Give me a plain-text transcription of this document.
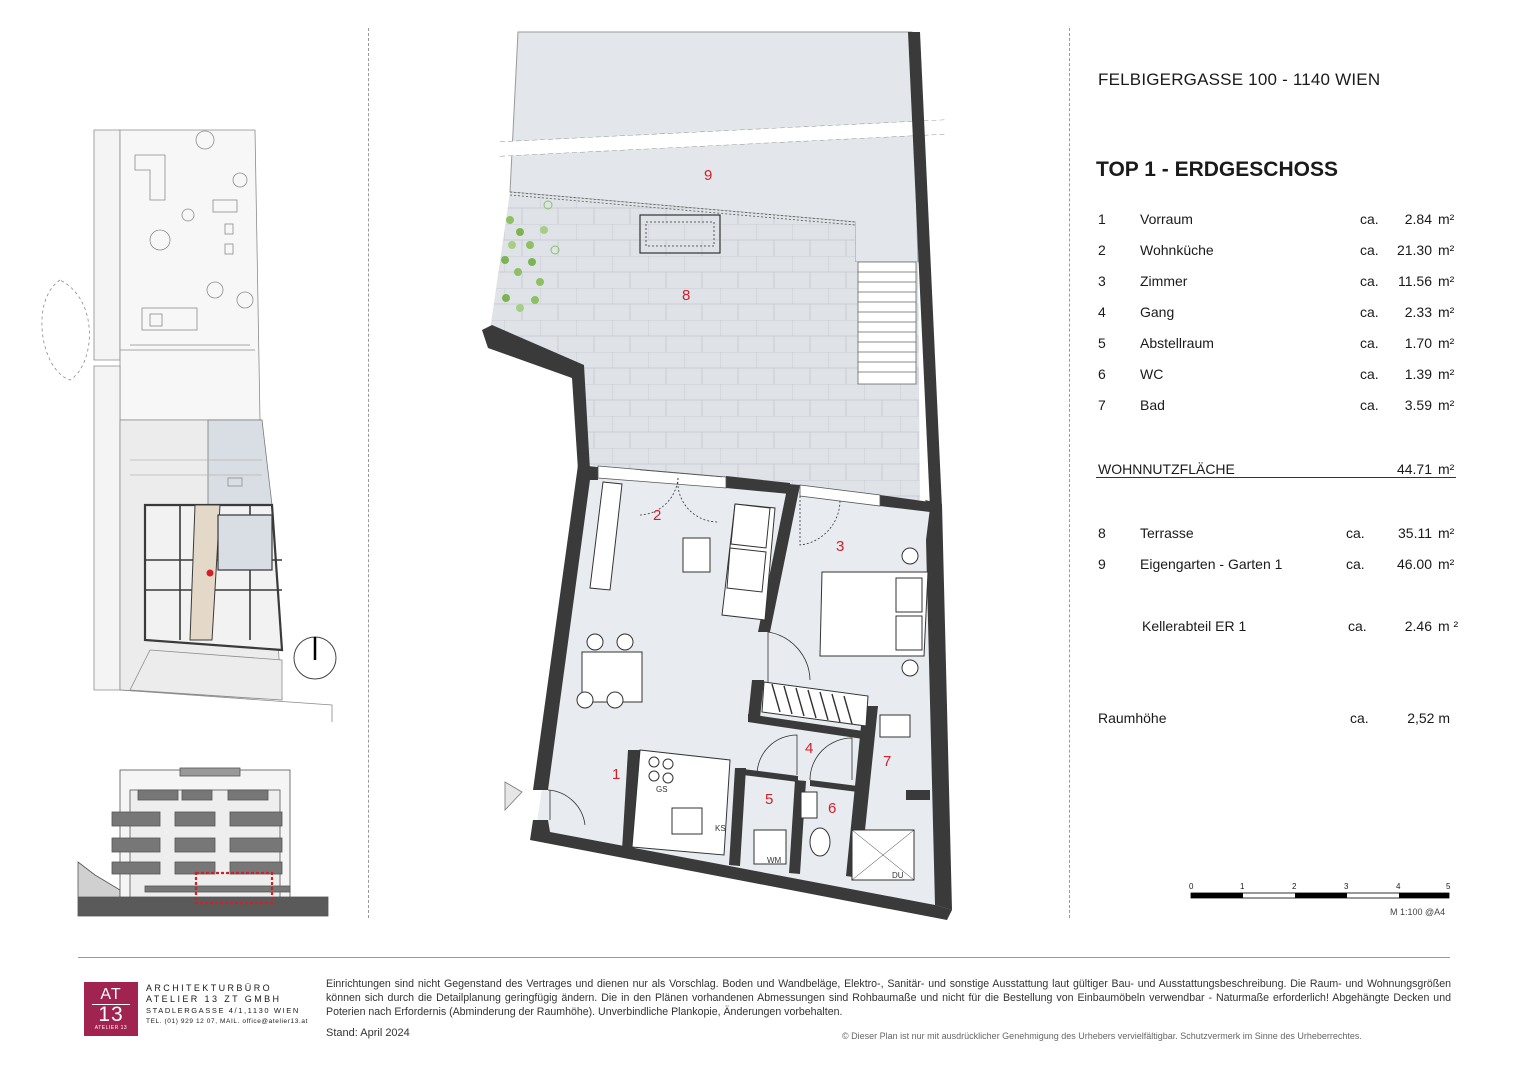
1
2
3
4
5
6
7
8
9
GS
KS
WM
DU
FELBIGERGASSE 100 - 1140 WIEN
TOP 1 - ERDGESCHOSS
1 Vorraum	ca.	2.84 m²
2 Wohnküche	ca.	21.30 m²
3 Zimmer	ca.	11.56 m²
4 Gang	ca.	2.33 m²
5 Abstellraum	ca.	1.70 m²
6 WC	ca.	1.39 m²
7 Bad	ca.	3.59 m²
WOHNNUTZFLÄCHE	44.71 m²
8 Terrasse	ca.	35.11 m²
9 Eigengarten - Garten 1	ca.	46.00 m²
Kellerabteil ER 1	ca.	2.46 m ²
Raumhöhe	ca.	2,52 m
0	1	2	3	4	5
M 1:100 @A4
AT
13
ATELIER 13
ARCHITEKTURBÜRO
ATELIER 13 ZT GMBH
STADLERGASSE 4/1,1130 WIEN
TEL. (01) 929 12 07, MAIL. office@atelier13.at
Einrichtungen sind nicht Gegenstand des Vertrages und dienen nur als Vorschlag. Boden und Wandbeläge, Elektro-, Sanitär- und sonstige Ausstattung laut gültiger Bau- und Ausstattungsbeschreibung. Die Raum- und Wohnungsgrößen können sich durch die Detailplanung geringfügig ändern. Die in den Plänen vorhandenen Abmessungen sind Rohbaumaße und nicht für die Bestellung von Einbaumöbeln verwendbar - Naturmaße erforderlich! Abgehängte Decken und Poterien nach Erfordernis (Abminderung der Raumhöhe). Unverbindliche Plankopie, Änderungen vorbehalten.
Stand: April 2024	© Dieser Plan ist nur mit ausdrücklicher Genehmigung des Urhebers vervielfältigbar. Schutzvermerk im Sinne des Urheberrechtes.
